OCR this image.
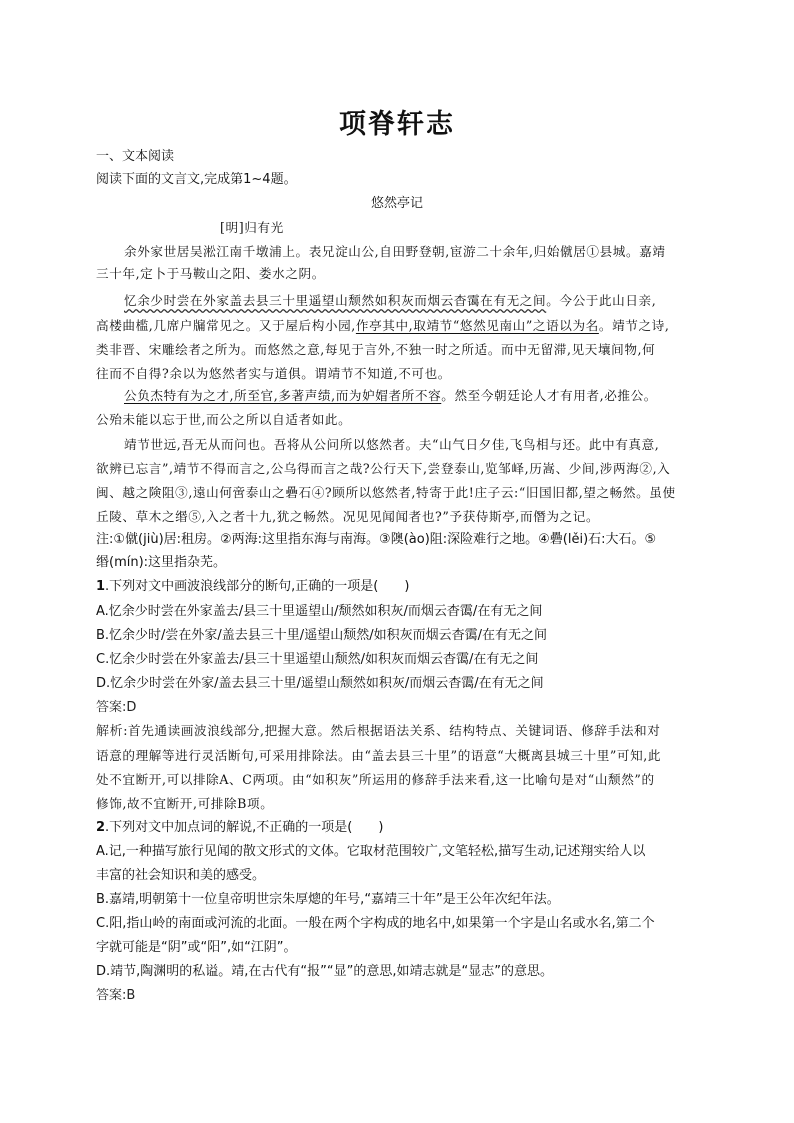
项脊轩志
一、文本阅读
阅读下面的文言文,完成第1~4题。
悠然亭记
[明]归有光
余外家世居吴淞江南千墩浦上。表兄淀山公,自田野登朝,宦游二十余年,归始僦居①县城。嘉靖
三十年,定卜于马鞍山之阳、娄水之阴。
忆余少时尝在外家盖去县三十里遥望山颓然如积灰而烟云杳霭在有无之间。今公于此山日亲,
高楼曲槛,几席户牖常见之。又于屋后构小园,作亭其中,取靖节“悠然见南山”之语以为名。靖节之诗,
类非晋、宋雕绘者之所为。而悠然之意,每见于言外,不独一时之所适。而中无留滞,见天壤间物,何
往而不自得?余以为悠然者实与道俱。谓靖节不知道,不可也。
公负杰特有为之才,所至官,多著声绩,而为妒媢者所不容。然至今朝廷论人才有用者,必推公。
公殆未能以忘于世,而公之所以自适者如此。
靖节世远,吾无从而问也。吾将从公问所以悠然者。夫“山气日夕佳,飞鸟相与还。此中有真意,
欲辨已忘言”,靖节不得而言之,公乌得而言之哉?公行天下,尝登泰山,览邹峄,历嵩、少间,涉两海②,入
闽、越之険阻③,遠山何啻泰山之礨石④?顾所以悠然者,特寄于此!庄子云:“旧国旧都,望之畅然。虽使
丘陵、草木之缗⑤,入之者十九,犹之畅然。况见见闻闻者也?”予获侍斯亭,而僭为之记。
注:①僦(jiù)居:租房。②两海:这里指东海与南海。③隩(ào)阻:深险难行之地。④礨(lěi)石:大石。⑤
缗(mín):这里指杂芜。
1.下列对文中画波浪线部分的断句,正确的一项是(　　)
A.忆余少时尝在外家盖去/县三十里遥望山/颓然如积灰/而烟云杳霭/在有无之间
B.忆余少时/尝在外家/盖去县三十里/遥望山颓然/如积灰而烟云杳霭/在有无之间
C.忆余少时尝在外家盖去/县三十里遥望山颓然/如积灰而烟云杳霭/在有无之间
D.忆余少时尝在外家/盖去县三十里/遥望山颓然如积灰/而烟云杳霭/在有无之间
答案:D
解析:首先通读画波浪线部分,把握大意。然后根据语法关系、结构特点、关键词语、修辞手法和对
语意的理解等进行灵活断句,可采用排除法。由“盖去县三十里”的语意“大概离县城三十里”可知,此
处不宜断开,可以排除A、C两项。由“如积灰”所运用的修辞手法来看,这一比喻句是对“山颓然”的
修饰,故不宜断开,可排除B项。
2.下列对文中加点词的解说,不正确的一项是(　　)
A.记,一种描写旅行见闻的散文形式的文体。它取材范围较广,文笔轻松,描写生动,记述翔实给人以
丰富的社会知识和美的感受。
B.嘉靖,明朝第十一位皇帝明世宗朱厚熜的年号,“嘉靖三十年”是王公年次纪年法。
C.阳,指山岭的南面或河流的北面。一般在两个字构成的地名中,如果第一个字是山名或水名,第二个
字就可能是“阴”或“阳”,如“江阴”。
D.靖节,陶渊明的私谥。靖,在古代有“报”“显”的意思,如靖志就是“显志”的意思。
答案:B
